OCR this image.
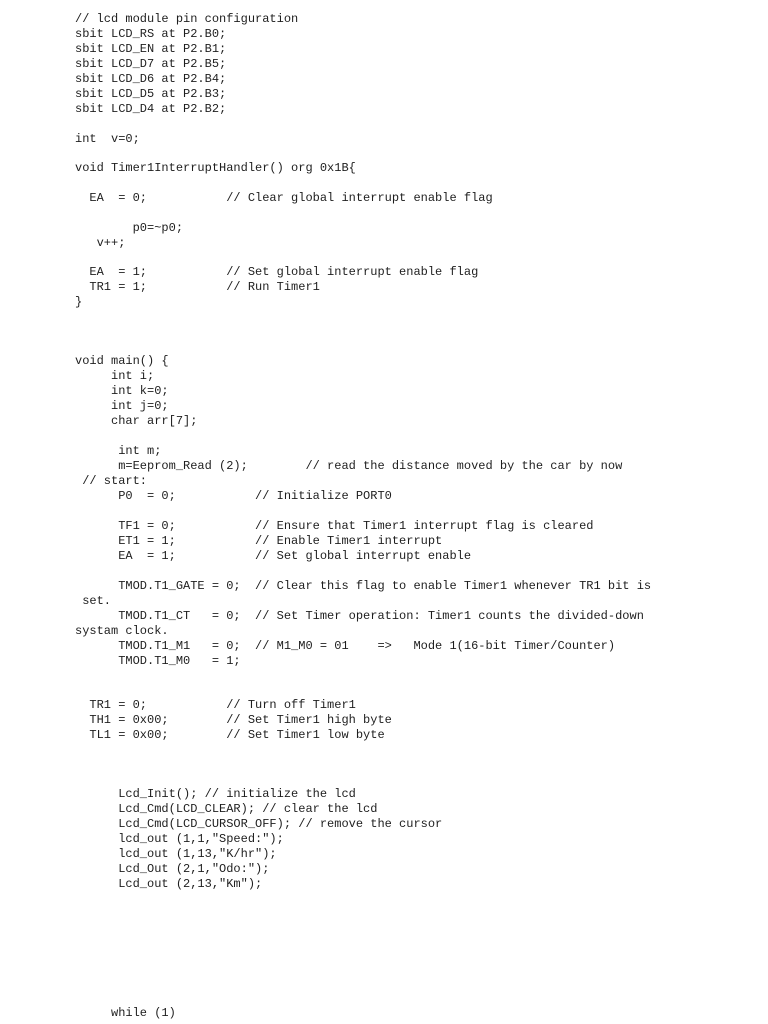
// lcd module pin configuration
sbit LCD_RS at P2.B0;
sbit LCD_EN at P2.B1;
sbit LCD_D7 at P2.B5;
sbit LCD_D6 at P2.B4;
sbit LCD_D5 at P2.B3;
sbit LCD_D4 at P2.B2;
int  v=0;
void Timer1InterruptHandler() org 0x1B{
EA  = 0;           // Clear global interrupt enable flag
p0=~p0;
v++;
EA  = 1;           // Set global interrupt enable flag
TR1 = 1;           // Run Timer1
}
void main() {
int i;
int k=0;
int j=0;
char arr[7];
int m;
m=Eeprom_Read (2);        // read the distance moved by the car by now
// start:
P0  = 0;           // Initialize PORT0
TF1 = 0;           // Ensure that Timer1 interrupt flag is cleared
ET1 = 1;           // Enable Timer1 interrupt
EA  = 1;           // Set global interrupt enable
TMOD.T1_GATE = 0;  // Clear this flag to enable Timer1 whenever TR1 bit is
set.
TMOD.T1_CT   = 0;  // Set Timer operation: Timer1 counts the divided-down
systam clock.
TMOD.T1_M1   = 0;  // M1_M0 = 01    =>   Mode 1(16-bit Timer/Counter)
TMOD.T1_M0   = 1;
TR1 = 0;           // Turn off Timer1
TH1 = 0x00;        // Set Timer1 high byte
TL1 = 0x00;        // Set Timer1 low byte
Lcd_Init(); // initialize the lcd
Lcd_Cmd(LCD_CLEAR); // clear the lcd
Lcd_Cmd(LCD_CURSOR_OFF); // remove the cursor
lcd_out (1,1,"Speed:");
lcd_out (1,13,"K/hr");
Lcd_Out (2,1,"Odo:");
Lcd_out (2,13,"Km");
while (1)
